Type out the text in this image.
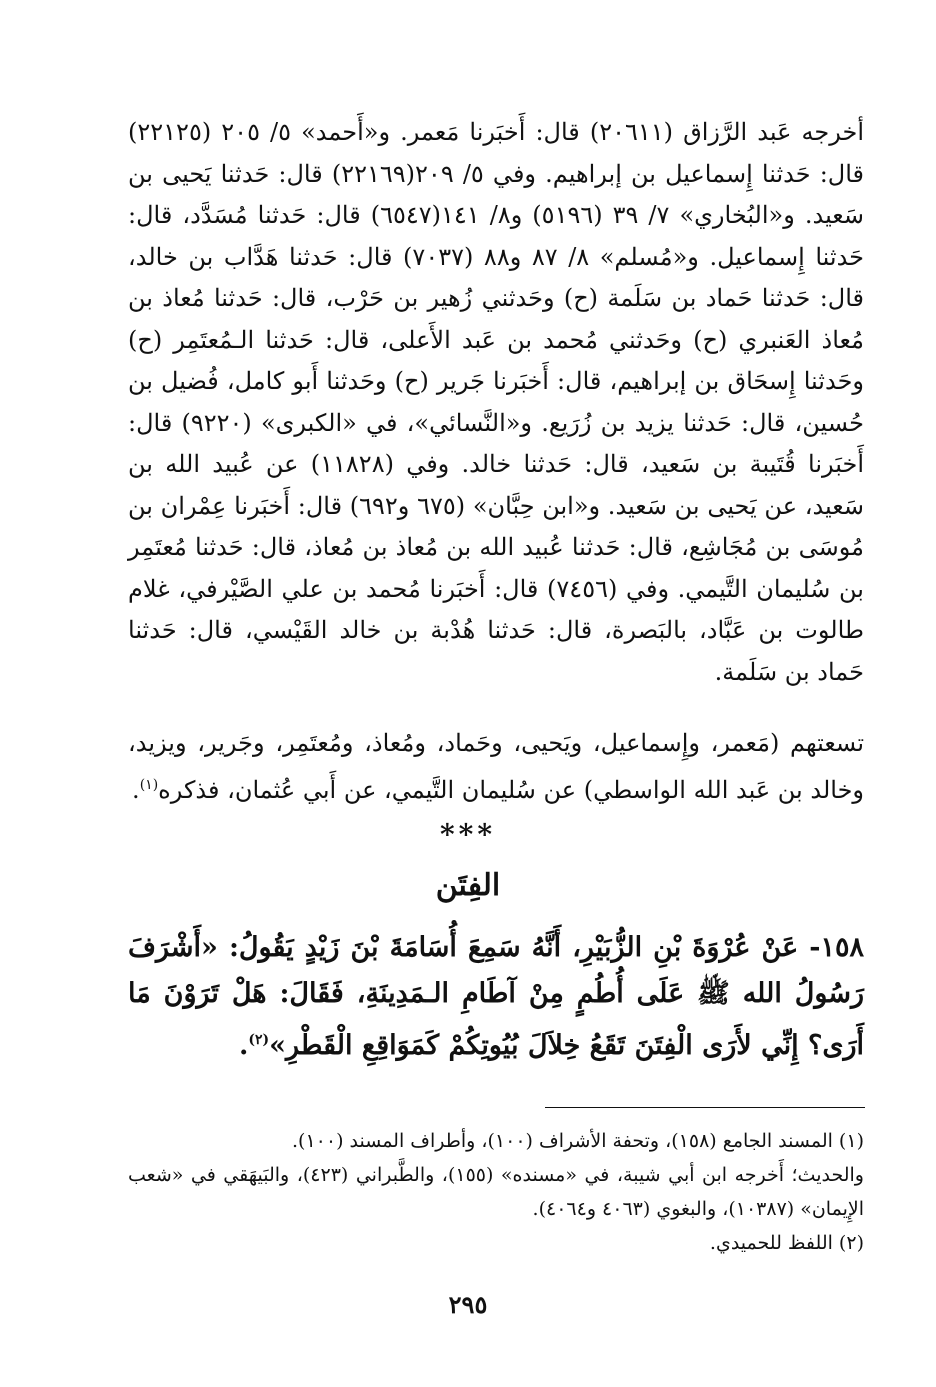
أخرجه عَبد الرَّزاق (٢٠٦١١) قال: أَخبَرنا مَعمر. و«أَحمد» ٥/ ٢٠٥ (٢٢١٢٥) قال: حَدثنا إِسماعيل بن إبراهيم. وفي ٥/ ٢٠٩(٢٢١٦٩) قال: حَدثنا يَحيى بن سَعيد. و«البُخاري» ٧/ ٣٩ (٥١٩٦) و٨/ ١٤١(٦٥٤٧) قال: حَدثنا مُسَدَّد، قال: حَدثنا إِسماعيل. و«مُسلم» ٨/ ٨٧ و٨٨ (٧٠٣٧) قال: حَدثنا هَدَّاب بن خالد، قال: حَدثنا حَماد بن سَلَمة (ح) وحَدثني زُهير بن حَرْب، قال: حَدثنا مُعاذ بن مُعاذ العَنبري (ح) وحَدثني مُحمد بن عَبد الأَعلى، قال: حَدثنا الـمُعتَمِر (ح) وحَدثنا إِسحَاق بن إبراهيم، قال: أَخبَرنا جَرير (ح) وحَدثنا أَبو كامل، فُضيل بن حُسين، قال: حَدثنا يزيد بن زُرَيع. و«النَّسائي»، في «الكبرى» (٩٢٢٠) قال: أَخبَرنا قُتَيبة بن سَعيد، قال: حَدثنا خالد. وفي (١١٨٢٨) عن عُبيد الله بن سَعيد، عن يَحيى بن سَعيد. و«ابن حِبَّان» (٦٧٥ و٦٩٢) قال: أَخبَرنا عِمْران بن مُوسَى بن مُجَاشِع، قال: حَدثنا عُبيد الله بن مُعاذ بن مُعاذ، قال: حَدثنا مُعتَمِر بن سُليمان التَّيمي. وفي (٧٤٥٦) قال: أَخبَرنا مُحمد بن علي الصَّيْرفي، غلام طالوت بن عَبَّاد، بالبَصرة، قال: حَدثنا هُدْبة بن خالد القَيْسي، قال: حَدثنا حَماد بن سَلَمة.

تسعتهم (مَعمر، وإِسماعيل، ويَحيى، وحَماد، ومُعاذ، ومُعتَمِر، وجَرير، ويزيد، وخالد بن عَبد الله الواسطي) عن سُليمان التَّيمي، عن أَبي عُثمان، فذكره$^{(١)}$.

***
الفِتَن

١٥٨- عَنْ عُرْوَةَ بْنِ الزُّبَيْرِ، أَنَّهُ سَمِعَ أُسَامَةَ بْنَ زَيْدٍ يَقُولُ: «أَشْرَفَ رَسُولُ الله ﷺ عَلَى أُطُمٍ مِنْ آطَامِ الـمَدِينَةِ، فَقَالَ: هَلْ تَرَوْنَ مَا أَرَى؟ إِنِّي لأَرَى الْفِتَنَ تَقَعُ خِلاَلَ بُيُوتِكُمْ كَمَوَاقِعِ الْقَطْرِ»$^{(٢)}$.

(١) المسند الجامع (١٥٨)، وتحفة الأشراف (١٠٠)، وأطراف المسند (١٠٠).

والحديث؛ أَخرجه ابن أبي شيبة، في «مسنده» (١٥٥)، والطَّبراني (٤٢٣)، والبَيهَقي في «شعب الإِيمان» (١٠٣٨٧)، والبغوي (٤٠٦٣ و٤٠٦٤).

(٢) اللفظ للحميدي.

٢٩٥
